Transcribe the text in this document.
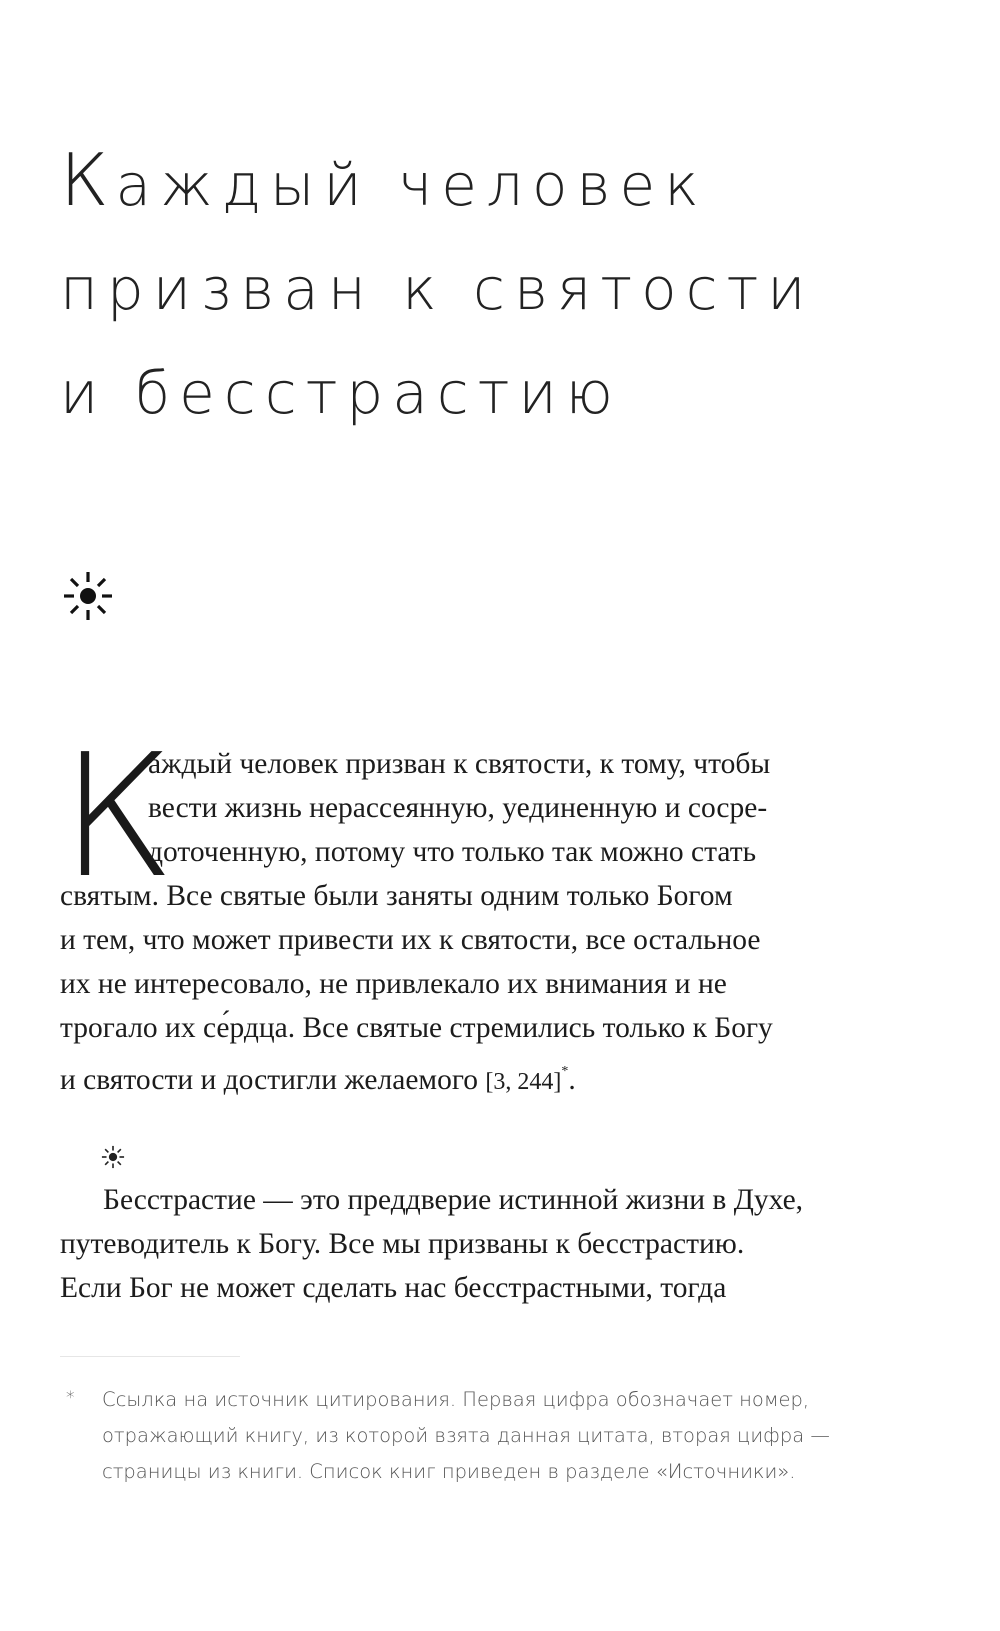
Каждый человек
призван к святости
и бесстрастию
К
аждый человек призван к святости, к тому, чтобы
вести жизнь нерассеянную, уединенную и сосре-
доточенную, потому что только так можно стать
святым. Все святые были заняты одним только Богом
и тем, что может привести их к святости, все остальное
их не интересовало, не привлекало их внимания и не
трогало их се́рдца. Все святые стремились только к Богу
и святости и достигли желаемого [3, 244]*.
Бесстрастие — это преддверие истинной жизни в Духе,
путеводитель к Богу. Все мы призваны к бесстрастию.
Если Бог не может сделать нас бесстрастными, тогда
*	Ссылка на источник цитирования. Первая цифра обозначает номер,
отражающий книгу, из которой взята данная цитата, вторая цифра —
страницы из книги. Список книг приведен в разделе «Источники».
